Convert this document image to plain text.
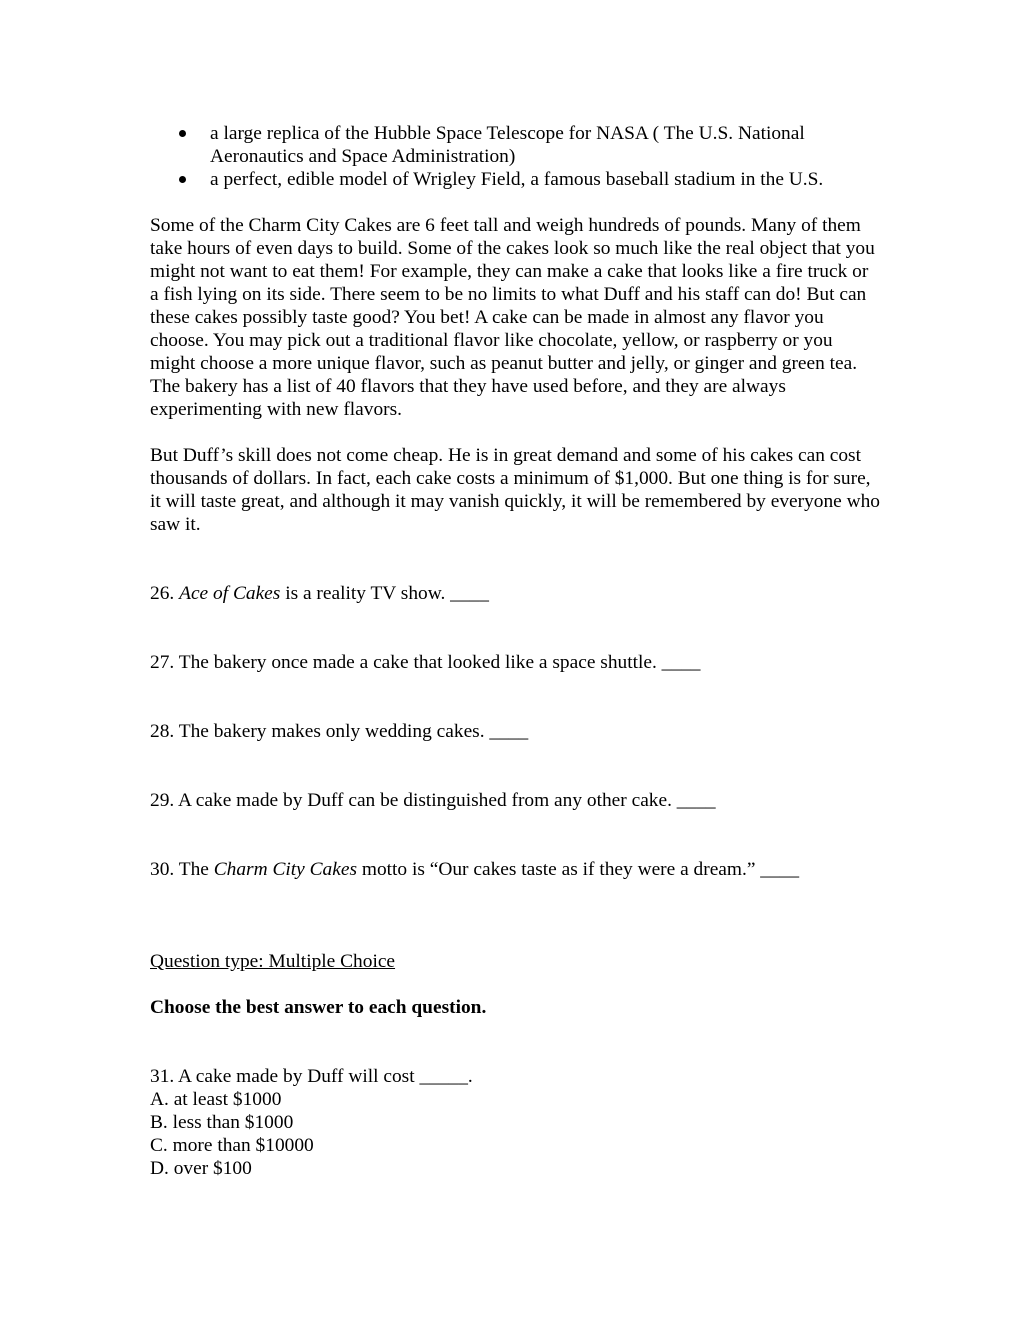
a large replica of the Hubble Space Telescope for NASA ( The U.S. National Aeronautics and Space Administration)
a perfect, edible model of Wrigley Field, a famous baseball stadium in the U.S.

Some of the Charm City Cakes are 6 feet tall and weigh hundreds of pounds. Many of them take hours of even days to build. Some of the cakes look so much like the real object that you might not want to eat them! For example, they can make a cake that looks like a fire truck or a fish lying on its side. There seem to be no limits to what Duff and his staff can do! But can these cakes possibly taste good? You bet! A cake can be made in almost any flavor you choose. You may pick out a traditional flavor like chocolate, yellow, or raspberry or you might choose a more unique flavor, such as peanut butter and jelly, or ginger and green tea. The bakery has a list of 40 flavors that they have used before, and they are always experimenting with new flavors.

But Duff’s skill does not come cheap. He is in great demand and some of his cakes can cost thousands of dollars. In fact, each cake costs a minimum of $1,000. But one thing is for sure, it will taste great, and although it may vanish quickly, it will be remembered by everyone who saw it.

26. Ace of Cakes is a reality TV show. ____

27. The bakery once made a cake that looked like a space shuttle. ____

28. The bakery makes only wedding cakes. ____

29. A cake made by Duff can be distinguished from any other cake. ____

30. The Charm City Cakes motto is “Our cakes taste as if they were a dream.” ____

Question type: Multiple Choice

Choose the best answer to each question.

31. A cake made by Duff will cost _____.

A. at least $1000

B. less than $1000

C. more than $10000

D. over $100
